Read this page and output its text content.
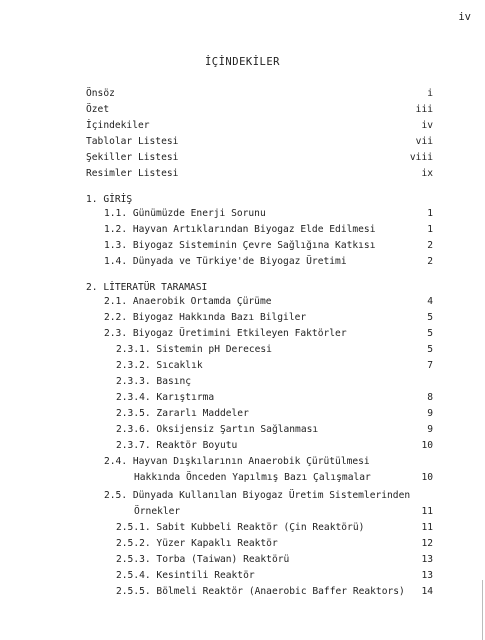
iv
İÇİNDEKİLER
Önsöz	i
Özet	iii
İçindekiler	iv
Tablolar Listesi	vii
Şekiller Listesi	viii
Resimler Listesi	ix
1. GİRİŞ
1.1. Günümüzde Enerji Sorunu	1
1.2. Hayvan Artıklarından Biyogaz Elde Edilmesi	1
1.3. Biyogaz Sisteminin Çevre Sağlığına Katkısı	2
1.4. Dünyada ve Türkiye'de Biyogaz Üretimi	2
2. LİTERATÜR TARAMASI
2.1. Anaerobik Ortamda Çürüme	4
2.2. Biyogaz Hakkında Bazı Bilgiler	5
2.3. Biyogaz Üretimini Etkileyen Faktörler	5
2.3.1. Sistemin pH Derecesi	5
2.3.2. Sıcaklık	7
2.3.3. Basınç
2.3.4. Karıştırma	8
2.3.5. Zararlı Maddeler	9
2.3.6. Oksijensiz Şartın Sağlanması	9
2.3.7. Reaktör Boyutu	10
2.4. Hayvan Dışkılarının Anaerobik Çürütülmesi
Hakkında Önceden Yapılmış Bazı Çalışmalar	10
2.5. Dünyada Kullanılan Biyogaz Üretim Sistemlerinden
Örnekler	11
2.5.1. Sabit Kubbeli Reaktör (Çin Reaktörü)	11
2.5.2. Yüzer Kapaklı Reaktör	12
2.5.3. Torba (Taiwan) Reaktörü	13
2.5.4. Kesintili Reaktör	13
2.5.5. Bölmeli Reaktör (Anaerobic Baffer Reaktors) 14
